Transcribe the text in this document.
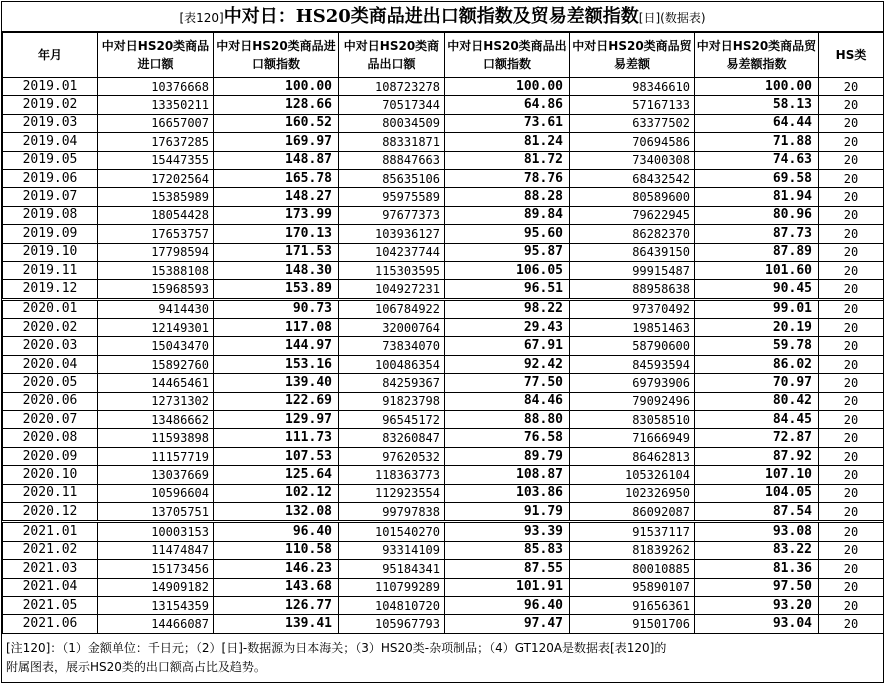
[表120]中对日：HS20类商品进出口额指数及贸易差额指数[日](数据表)
年月	中对日HS20类商品进口额	中对日HS20类商品进口额指数	中对日HS20类商品出口额	中对日HS20类商品出口额指数	中对日HS20类商品贸易差额	中对日HS20类商品贸易差额指数	HS类
2019.01	10376668	100.00	108723278	100.00	98346610	100.00	20
2019.02	13350211	128.66	70517344	64.86	57167133	58.13	20
2019.03	16657007	160.52	80034509	73.61	63377502	64.44	20
2019.04	17637285	169.97	88331871	81.24	70694586	71.88	20
2019.05	15447355	148.87	88847663	81.72	73400308	74.63	20
2019.06	17202564	165.78	85635106	78.76	68432542	69.58	20
2019.07	15385989	148.27	95975589	88.28	80589600	81.94	20
2019.08	18054428	173.99	97677373	89.84	79622945	80.96	20
2019.09	17653757	170.13	103936127	95.60	86282370	87.73	20
2019.10	17798594	171.53	104237744	95.87	86439150	87.89	20
2019.11	15388108	148.30	115303595	106.05	99915487	101.60	20
2019.12	15968593	153.89	104927231	96.51	88958638	90.45	20
2020.01	9414430	90.73	106784922	98.22	97370492	99.01	20
2020.02	12149301	117.08	32000764	29.43	19851463	20.19	20
2020.03	15043470	144.97	73834070	67.91	58790600	59.78	20
2020.04	15892760	153.16	100486354	92.42	84593594	86.02	20
2020.05	14465461	139.40	84259367	77.50	69793906	70.97	20
2020.06	12731302	122.69	91823798	84.46	79092496	80.42	20
2020.07	13486662	129.97	96545172	88.80	83058510	84.45	20
2020.08	11593898	111.73	83260847	76.58	71666949	72.87	20
2020.09	11157719	107.53	97620532	89.79	86462813	87.92	20
2020.10	13037669	125.64	118363773	108.87	105326104	107.10	20
2020.11	10596604	102.12	112923554	103.86	102326950	104.05	20
2020.12	13705751	132.08	99797838	91.79	86092087	87.54	20
2021.01	10003153	96.40	101540270	93.39	91537117	93.08	20
2021.02	11474847	110.58	93314109	85.83	81839262	83.22	20
2021.03	15173456	146.23	95184341	87.55	80010885	81.36	20
2021.04	14909182	143.68	110799289	101.91	95890107	97.50	20
2021.05	13154359	126.77	104810720	96.40	91656361	93.20	20
2021.06	14466087	139.41	105967793	97.47	91501706	93.04	20
[注120]：（1）金额单位：千日元；（2）[日]-数据源为日本海关；（3）HS20类-杂项制品；（4）GT120A是数据表[表120]的
附属图表，展示HS20类的出口额高占比及趋势。
